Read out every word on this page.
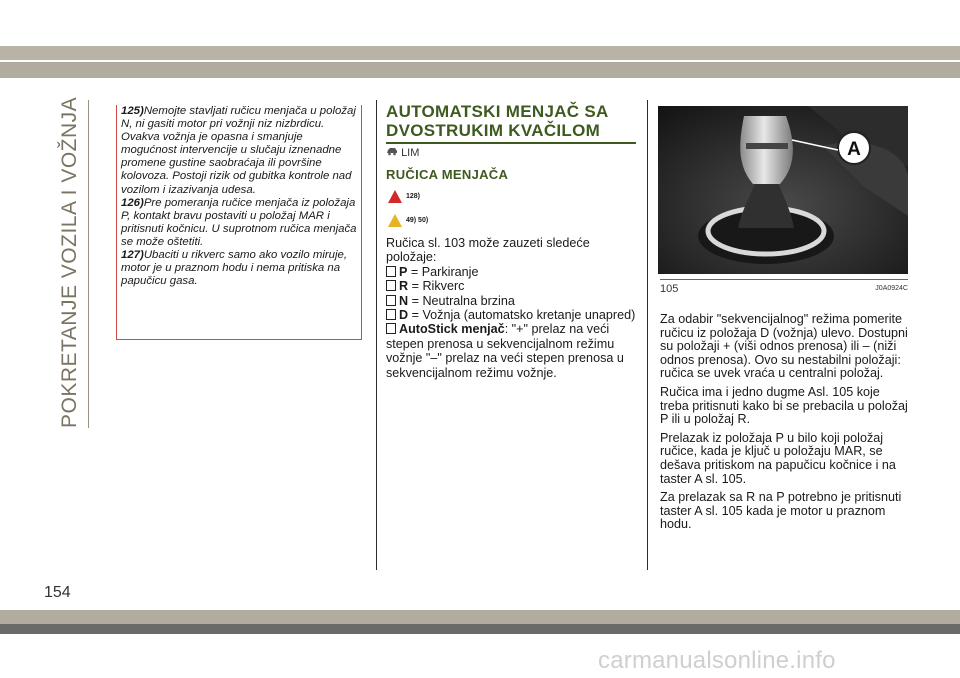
POKRETANJE VOZILA I VOŽNJA	125)Nemojte stavljati ručicu menjača u položaj N, ni gasiti motor pri vožnji niz nizbrdicu. Ovakva vožnja je opasna i smanjuje mogućnost intervencije u slučaju iznenadne promene gustine saobraćaja ili površine kolovoza. Postoji rizik od gubitka kontrole nad vozilom i izazivanja udesa.

126)Pre pomeranja ručice menjača iz položaja P, kontakt bravu postaviti u položaj MAR i pritisnuti kočnicu. U suprotnom ručica menjača se može oštetiti.

127)Ubaciti u rikverc samo ako vozilo miruje, motor je u praznom hodu i nema pritiska na papučicu gasa.

AUTOMATSKI MENJAČ SA DVOSTRUKIM KVAČILOM
LIM
RUČICA MENJAČA
128)
49) 50)

Ručica sl. 103 može zauzeti sledeće položaje:

P = Parkiranje

R = Rikverc

N = Neutralna brzina

D = Vožnja (automatsko kretanje unapred)

AutoStick menjač: "+" prelaz na veći stepen prenosa u sekvencijalnom režimu vožnje "–" prelaz na veći stepen prenosa u sekvencijalnom režimu vožnje.

A
105	J0A0924C

Za odabir "sekvencijalnog" režima pomerite ručicu iz položaja D (vožnja) ulevo. Dostupni su položaji + (viši odnos prenosa) ili – (niži odnos prenosa). Ovo su nestabilni položaji: ručica se uvek vraća u centralni položaj.

Ručica ima i jedno dugme Asl. 105 koje treba pritisnuti kako bi se prebacila u položaj P ili u položaj R.

Prelazak iz položaja P u bilo koji položaj ručice, kada je ključ u položaju MAR, se dešava pritiskom na papučicu kočnice i na taster A sl. 105.

Za prelazak sa R na P potrebno je pritisnuti taster A sl. 105 kada je motor u praznom hodu.

154
carmanualsonline.info
